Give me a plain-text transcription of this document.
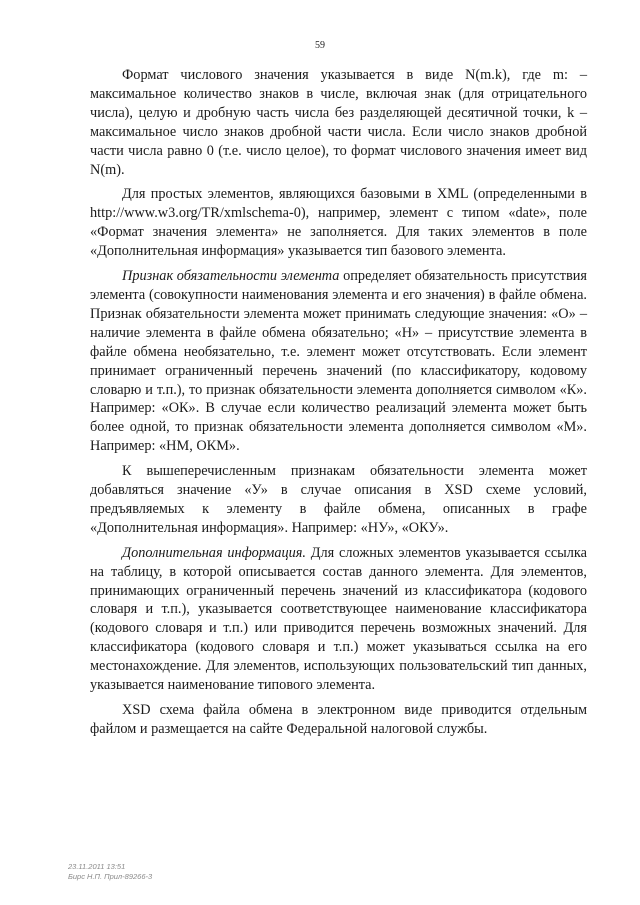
59

Формат числового значения указывается в виде N(m.k), где m: – максимальное количество знаков в числе, включая знак (для отрицательного числа), целую и дробную часть числа без разделяющей десятичной точки, k – максимальное число знаков дробной части числа. Если число знаков дробной части числа равно 0 (т.е. число целое), то формат числового значения имеет вид N(m).

Для простых элементов, являющихся базовыми в XML (определенными в http://www.w3.org/TR/xmlschema-0), например, элемент с типом «date», поле «Формат значения элемента» не заполняется. Для таких элементов в поле «Дополнительная информация» указывается тип базового элемента.

Признак обязательности элемента определяет обязательность присутствия элемента (совокупности наименования элемента и его значения) в файле обмена. Признак обязательности элемента может принимать следующие значения: «О» – наличие элемента в файле обмена обязательно; «Н» – присутствие элемента в файле обмена необязательно, т.е. элемент может отсутствовать. Если элемент принимает ограниченный перечень значений (по классификатору, кодовому словарю и т.п.), то признак обязательности элемента дополняется символом «К». Например: «ОК». В случае если количество реализаций элемента может быть более одной, то признак обязательности элемента дополняется символом «М». Например: «НМ, ОКМ».

К вышеперечисленным признакам обязательности элемента может добавляться значение «У» в случае описания в XSD схеме условий, предъявляемых к элементу в файле обмена, описанных в графе «Дополнительная информация». Например: «НУ», «ОКУ».

Дополнительная информация. Для сложных элементов указывается ссылка на таблицу, в которой описывается состав данного элемента. Для элементов, принимающих ограниченный перечень значений из классификатора (кодового словаря и т.п.), указывается соответствующее наименование классификатора (кодового словаря и т.п.) или приводится перечень возможных значений. Для классификатора (кодового словаря и т.п.) может указываться ссылка на его местонахождение. Для элементов, использующих пользовательский тип данных, указывается наименование типового элемента.

XSD схема файла обмена в электронном виде приводится отдельным файлом и размещается на сайте Федеральной налоговой службы.

23.11.2011 13:51
Бирс Н.П. Прил-89266-3
